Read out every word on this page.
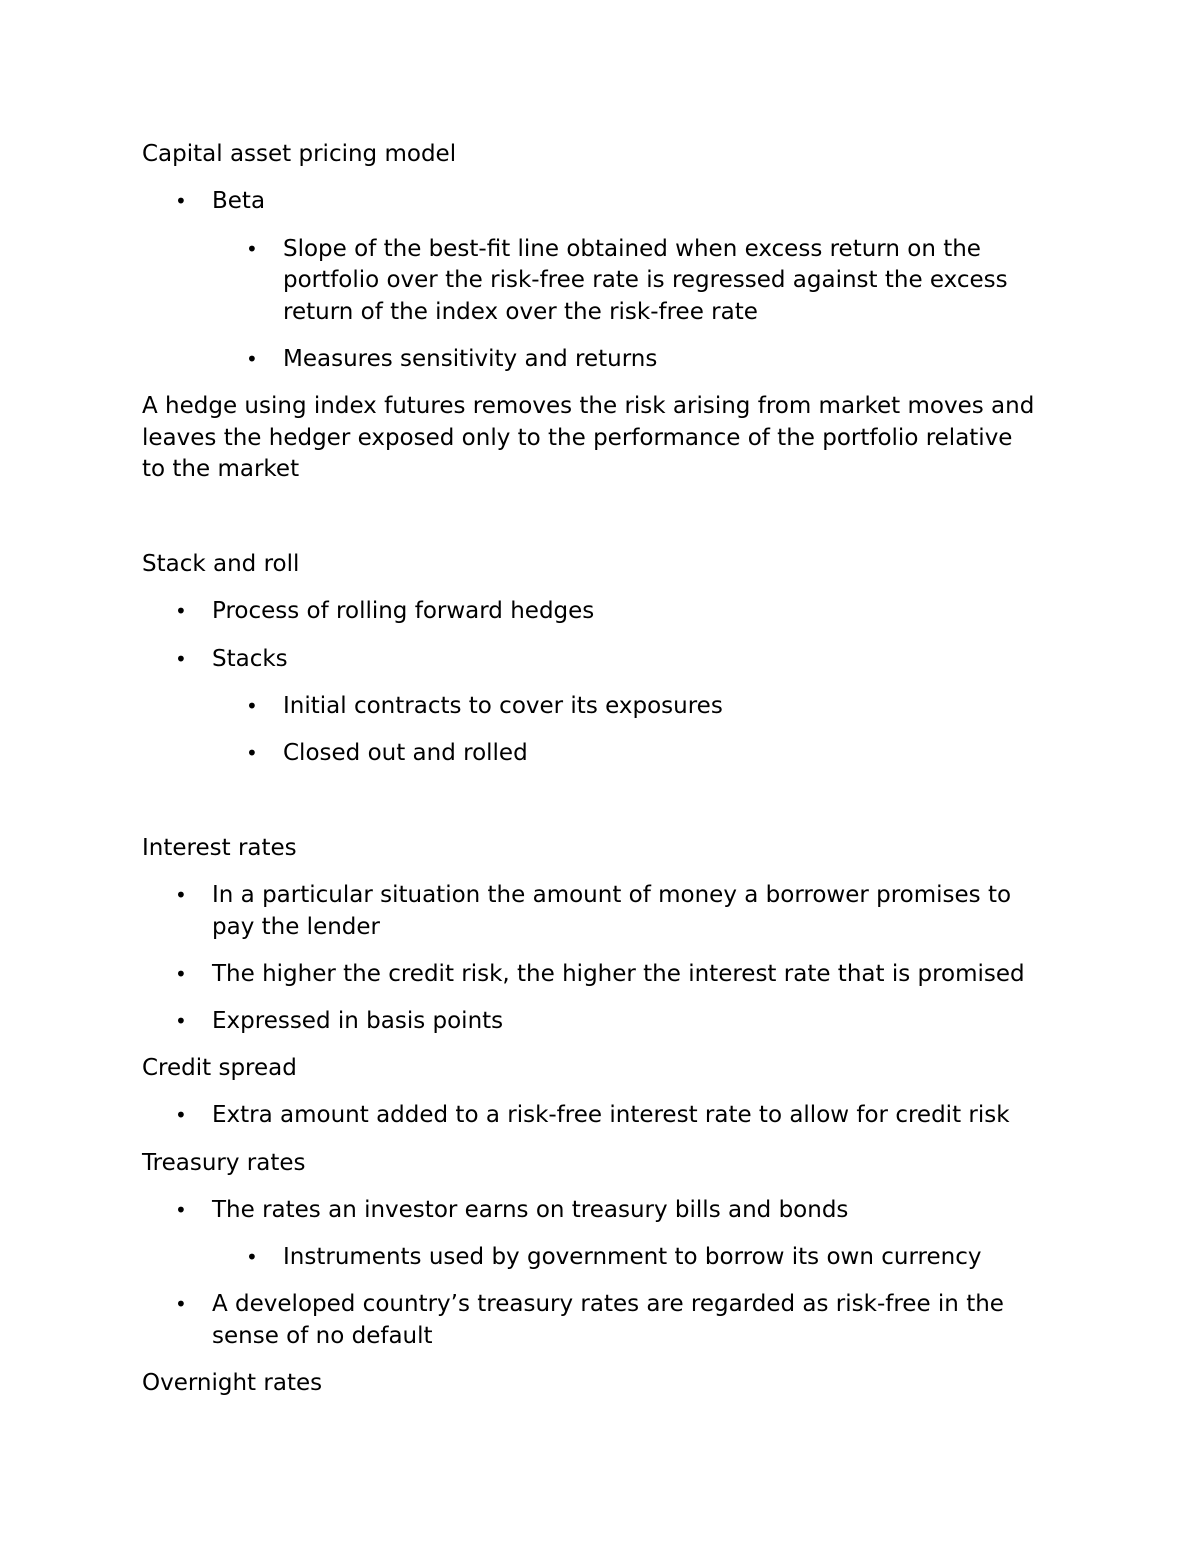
Capital asset pricing model

• Beta

• Slope of the best-fit line obtained when excess return on the

portfolio over the risk-free rate is regressed against the excess

return of the index over the risk-free rate

• Measures sensitivity and returns

A hedge using index futures removes the risk arising from market moves and

leaves the hedger exposed only to the performance of the portfolio relative

to the market

Stack and roll

• Process of rolling forward hedges

• Stacks

• Initial contracts to cover its exposures

• Closed out and rolled

Interest rates

• In a particular situation the amount of money a borrower promises to

pay the lender

• The higher the credit risk, the higher the interest rate that is promised

• Expressed in basis points

Credit spread

• Extra amount added to a risk-free interest rate to allow for credit risk

Treasury rates

• The rates an investor earns on treasury bills and bonds

• Instruments used by government to borrow its own currency

• A developed country’s treasury rates are regarded as risk-free in the

sense of no default

Overnight rates
